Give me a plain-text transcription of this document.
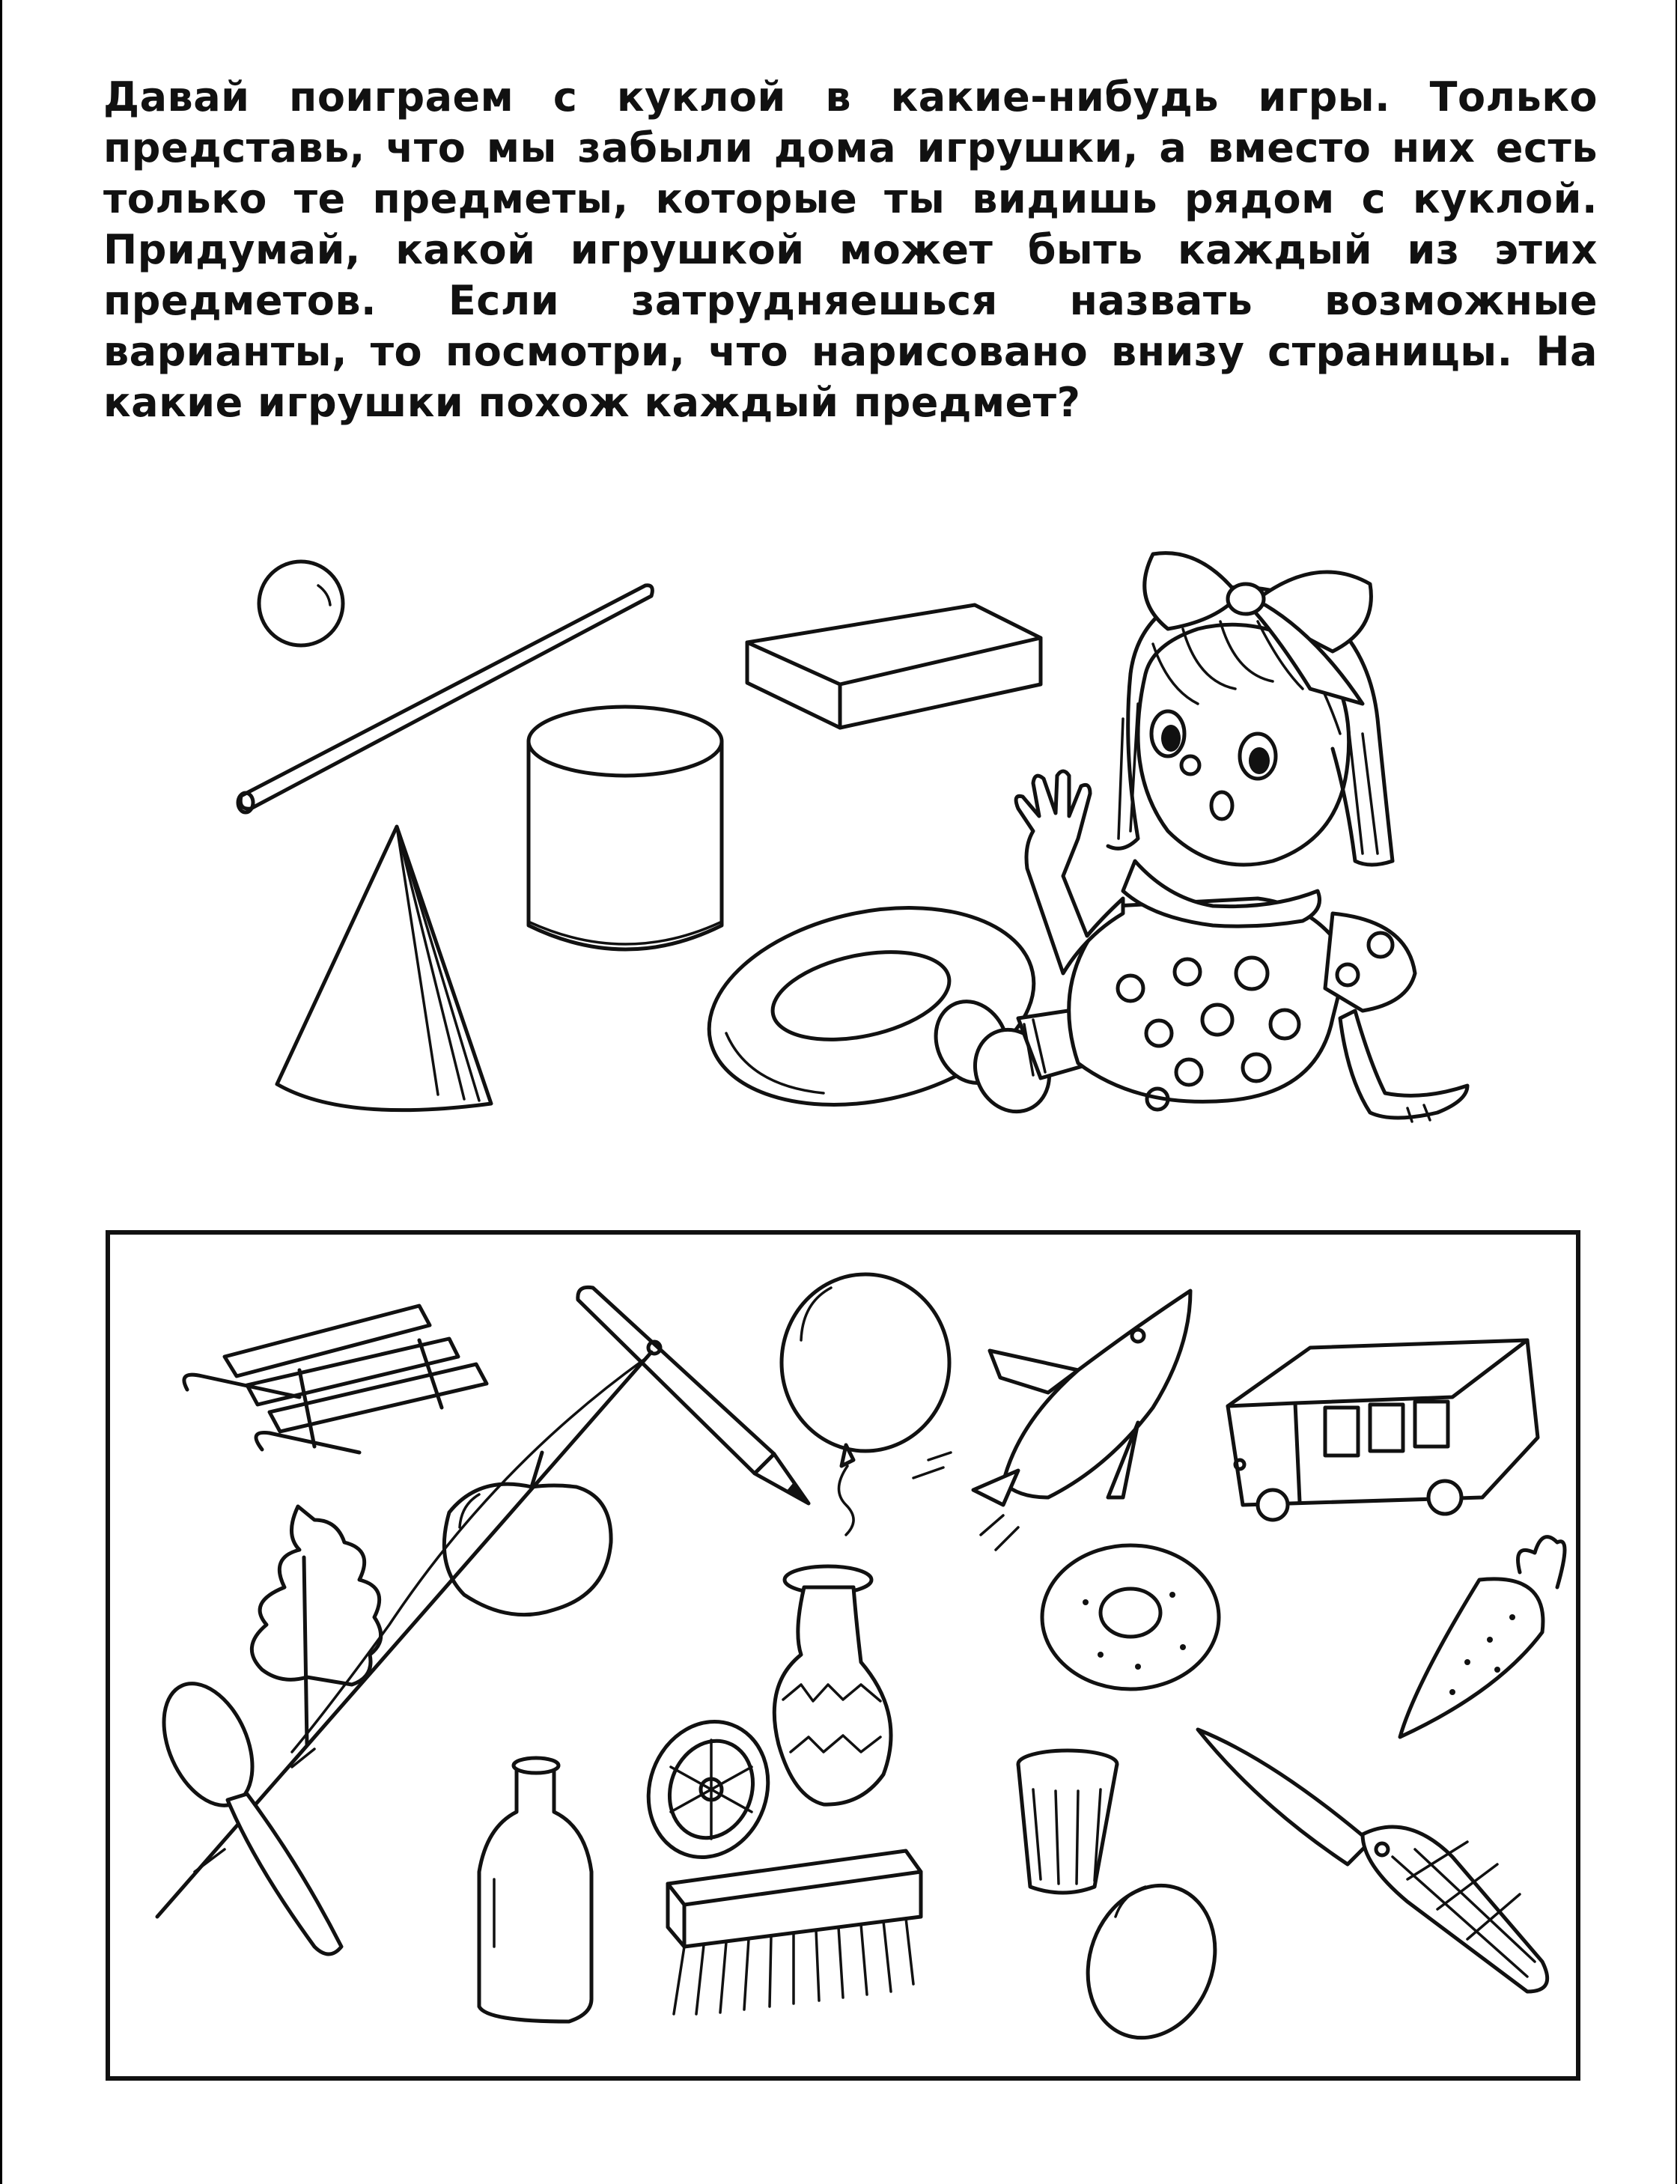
Давай поиграем с куклой в какие-нибудь игры. Только представь, что мы забыли дома игрушки, а вместо них есть только те предметы, которые ты видишь рядом с куклой. Придумай, какой игрушкой может быть каждый из этих предметов. Если затрудняешься назвать возможные варианты, то посмотри, что нарисовано внизу страницы. На какие игрушки похож каждый предмет?
